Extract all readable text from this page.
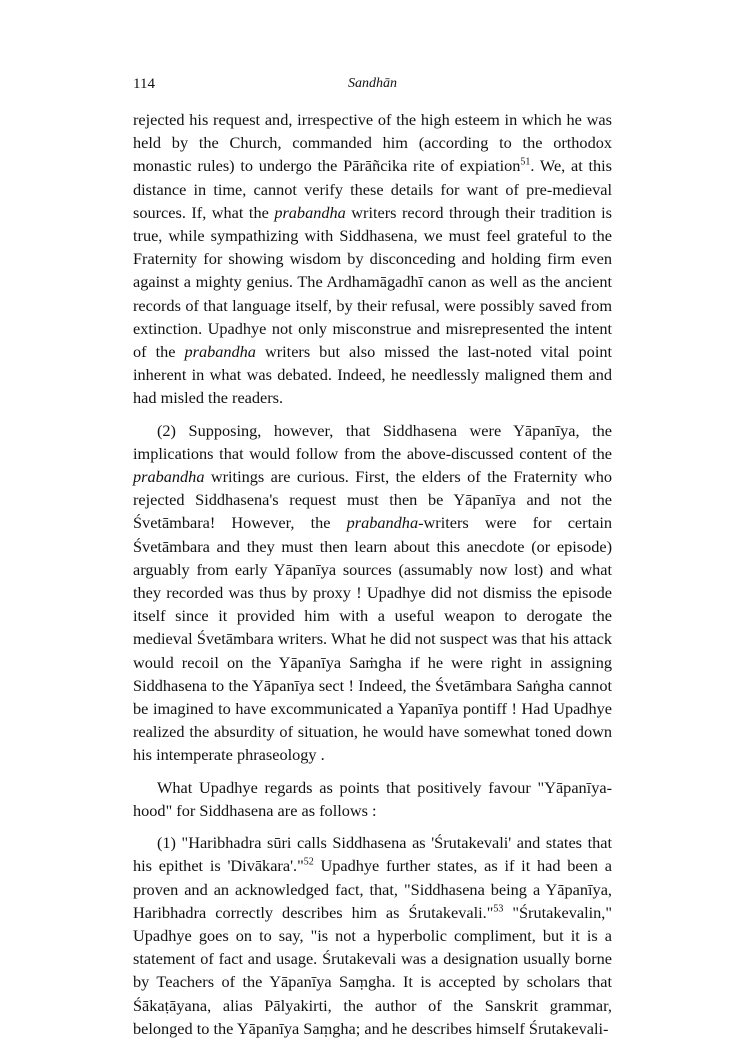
114	Sandhān

rejected his request and, irrespective of the high esteem in which he was held by the Church, commanded him (according to the orthodox monastic rules) to undergo the Pārāñcika rite of expiation$^{51}$. We, at this distance in time, cannot verify these details for want of pre-medieval sources. If, what the prabandha writers record through their tradition is true, while sympathizing with Siddhasena, we must feel grateful to the Fraternity for showing wisdom by disconceding and holding firm even against a mighty genius. The Ardhamāgadhī canon as well as the ancient records of that language itself, by their refusal, were possibly saved from extinction. Upadhye not only misconstrue and misrepresented the intent of the prabandha writers but also missed the last-noted vital point inherent in what was debated. Indeed, he needlessly maligned them and had misled the readers.

(2) Supposing, however, that Siddhasena were Yāpanīya, the implications that would follow from the above-discussed content of the prabandha writings are curious. First, the elders of the Fraternity who rejected Siddhasena's request must then be Yāpanīya and not the Śvetāmbara! However, the prabandha-writers were for certain Śvetāmbara and they must then learn about this anecdote (or episode) arguably from early Yāpanīya sources (assumably now lost) and what they recorded was thus by proxy ! Upadhye did not dismiss the episode itself since it provided him with a useful weapon to derogate the medieval Śvetāmbara writers. What he did not suspect was that his attack would recoil on the Yāpanīya Saṁgha if he were right in assigning Siddhasena to the Yāpanīya sect ! Indeed, the Śvetāmbara Saṅgha cannot be imagined to have excommunicated a Yapanīya pontiff ! Had Upadhye realized the absurdity of situation, he would have somewhat toned down his intemperate phraseology .

What Upadhye regards as points that positively favour "Yāpanīya-hood" for Siddhasena are as follows :

(1) "Haribhadra sūri calls Siddhasena as 'Śrutakevali' and states that his epithet is 'Divākara'."$^{52}$ Upadhye further states, as if it had been a proven and an acknowledged fact, that, "Siddhasena being a Yāpanīya, Haribhadra correctly describes him as Śrutakevali."$^{53}$ "Śrutakevalin," Upadhye goes on to say, "is not a hyperbolic compliment, but it is a statement of fact and usage. Śrutakevali was a designation usually borne by Teachers of the Yāpanīya Saṃgha. It is accepted by scholars that Śākaṭāyana, alias Pālyakirti, the author of the Sanskrit grammar, belonged to the Yāpanīya Saṃgha; and he describes himself Śrutakevali-
